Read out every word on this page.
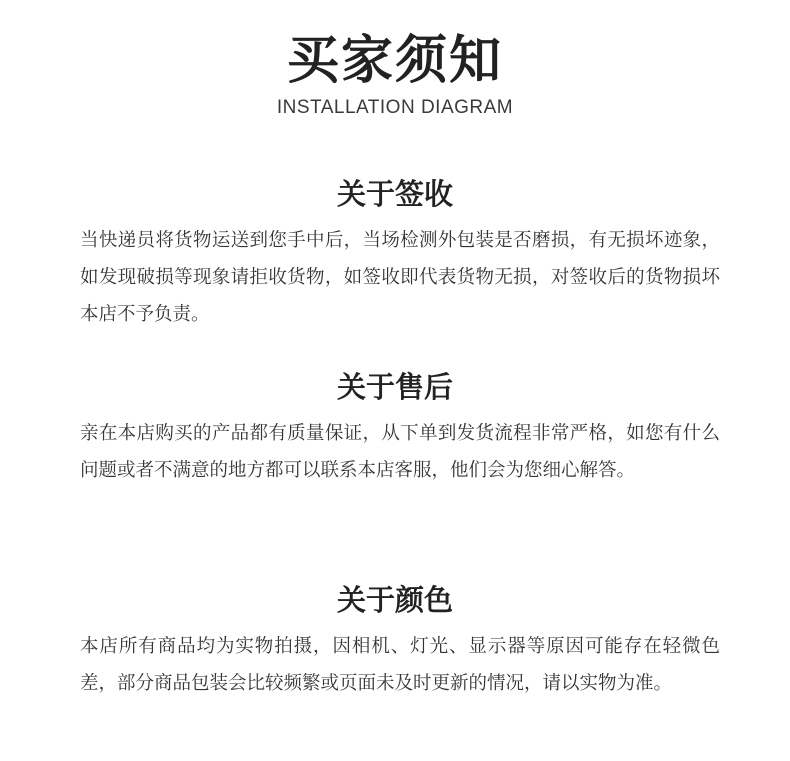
买家须知
INSTALLATION DIAGRAM
关于签收

当快递员将货物运送到您手中后，当场检测外包装是否磨损，有无损坏迹象，如发现破损等现象请拒收货物，如签收即代表货物无损，对签收后的货物损坏本店不予负责。

关于售后

亲在本店购买的产品都有质量保证，从下单到发货流程非常严格，如您有什么问题或者不满意的地方都可以联系本店客服，他们会为您细心解答。

关于颜色

本店所有商品均为实物拍摄，因相机、灯光、显示器等原因可能存在轻微色差，部分商品包装会比较频繁或页面未及时更新的情况，请以实物为准。
